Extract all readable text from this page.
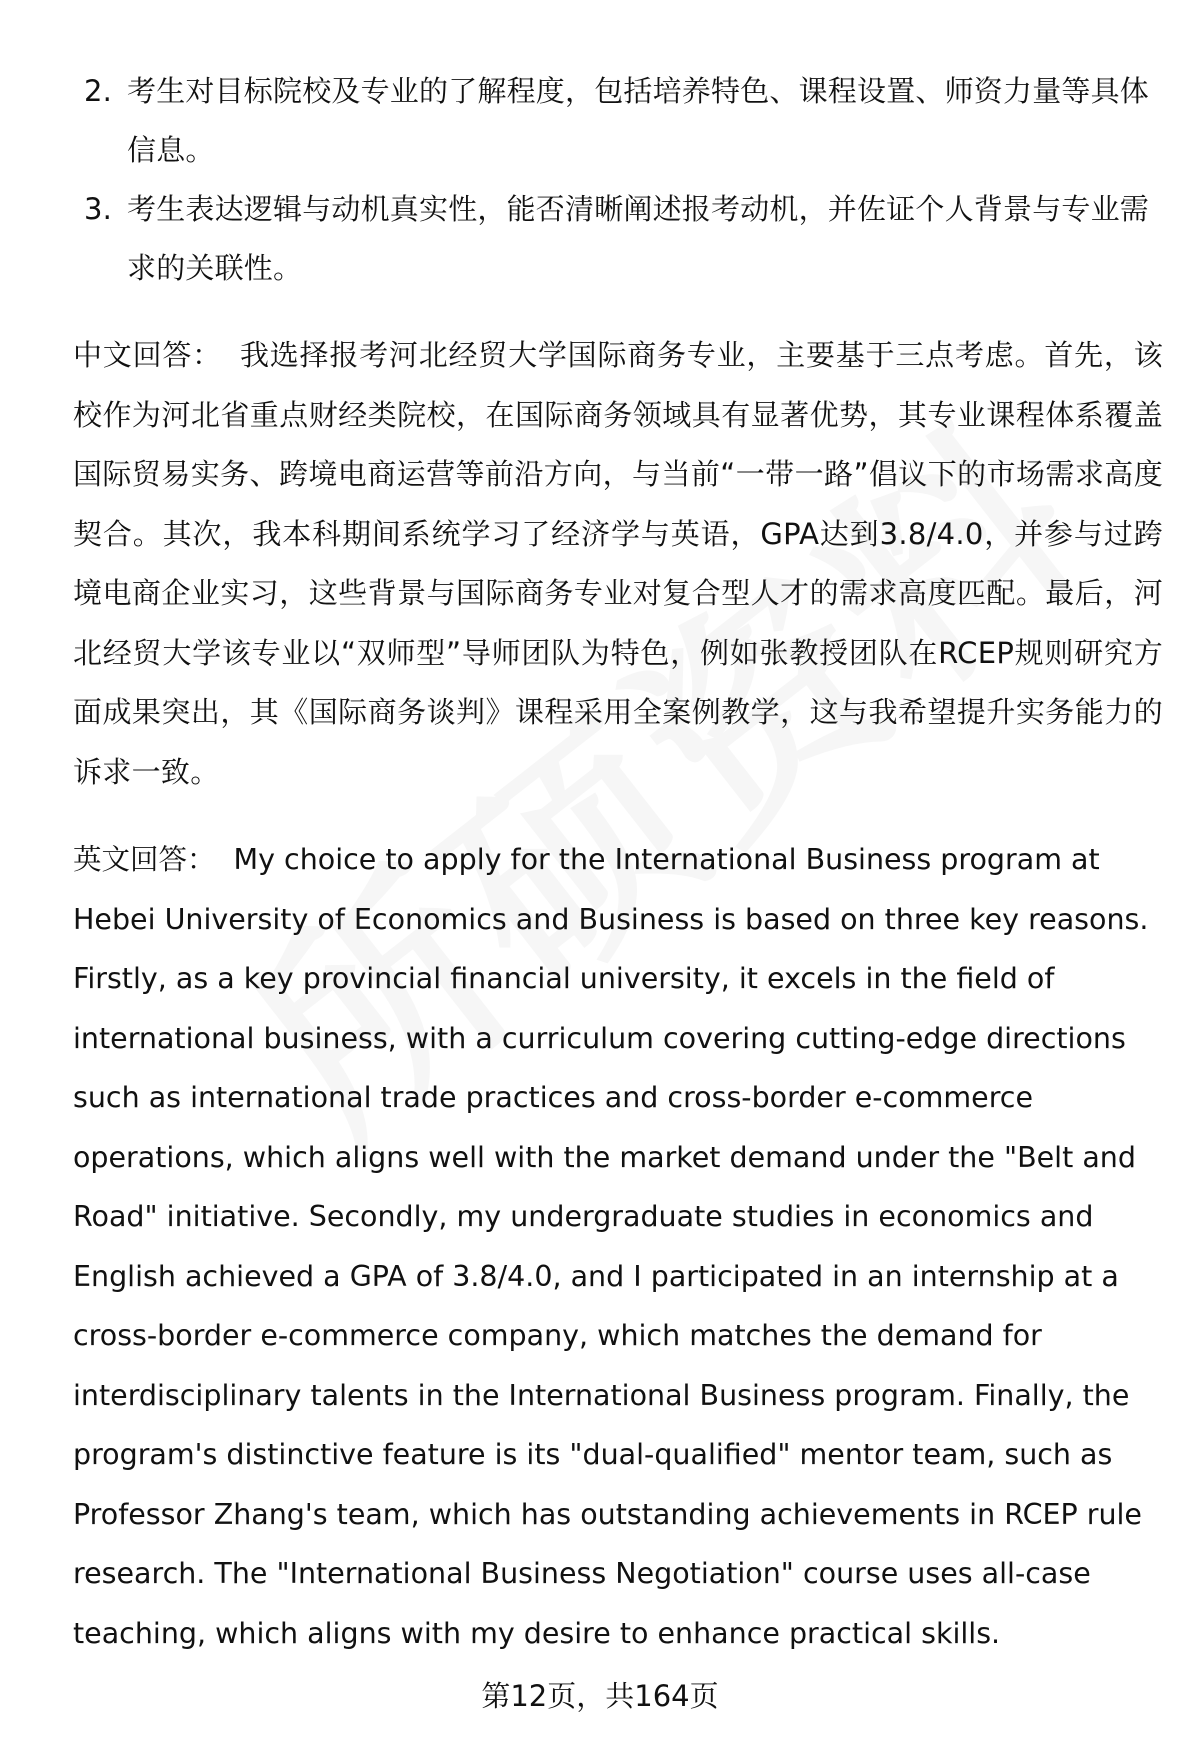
2. 考生对目标院校及专业的了解程度，包括培养特色、课程设置、师资力量等具体信息。
3. 考生表达逻辑与动机真实性，能否清晰阐述报考动机，并佐证个人背景与专业需求的关联性。

中文回答： 我选择报考河北经贸大学国际商务专业，主要基于三点考虑。首先，该校作为河北省重点财经类院校，在国际商务领域具有显著优势，其专业课程体系覆盖国际贸易实务、跨境电商运营等前沿方向，与当前“一带一路”倡议下的市场需求高度契合。其次，我本科期间系统学习了经济学与英语，GPA达到3.8/4.0，并参与过跨境电商企业实习，这些背景与国际商务专业对复合型人才的需求高度匹配。最后，河北经贸大学该专业以“双师型”导师团队为特色，例如张教授团队在RCEP规则研究方面成果突出，其《国际商务谈判》课程采用全案例教学，这与我希望提升实务能力的诉求一致。

英文回答： My choice to apply for the International Business program at Hebei University of Economics and Business is based on three key reasons. Firstly, as a key provincial financial university, it excels in the field of international business, with a curriculum covering cutting-edge directions such as international trade practices and cross-border e-commerce operations, which aligns well with the market demand under the "Belt and Road" initiative. Secondly, my undergraduate studies in economics and English achieved a GPA of 3.8/4.0, and I participated in an internship at a cross-border e-commerce company, which matches the demand for interdisciplinary talents in the International Business program. Finally, the program's distinctive feature is its "dual-qualified" mentor team, such as Professor Zhang's team, which has outstanding achievements in RCEP rule research. The "International Business Negotiation" course uses all-case teaching, which aligns with my desire to enhance practical skills.

第12页，共164页
